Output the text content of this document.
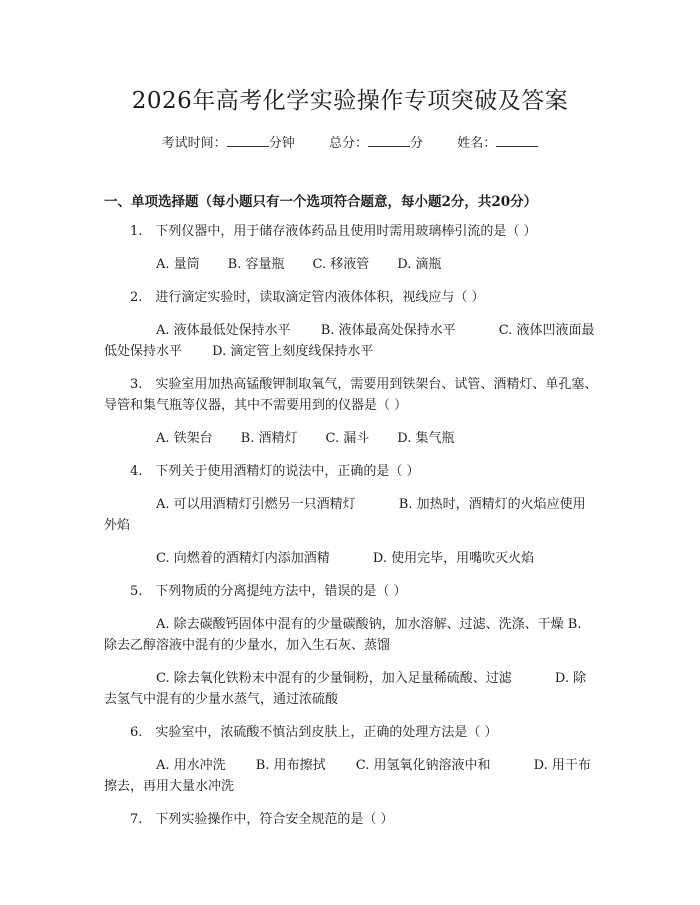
2026年高考化学实验操作专项突破及答案
考试时间：	分钟	总分：	分	姓名：
一、单项选择题（每小题只有一个选项符合题意，每小题2分，共20分）

1.　下列仪器中，用于储存液体药品且使用时需用玻璃棒引流的是（ ）

A. 量筒 B. 容量瓶 C. 移液管 D. 滴瓶

2.　进行滴定实验时，读取滴定管内液体体积，视线应与（ ）

A. 液体最低处保持水平　　 B. 液体最高处保持水平　　　	C. 液体凹液面最低处保持水平　　 D. 滴定管上刻度线保持水平

3.　实验室用加热高锰酸钾制取氧气，需要用到铁架台、试管、酒精灯、单孔塞、导管和集气瓶等仪器，其中不需要用到的仪器是（ ）

A. 铁架台 B. 酒精灯 C. 漏斗 D. 集气瓶

4.　下列关于使用酒精灯的说法中，正确的是（ ）

A. 可以用酒精灯引燃另一只酒精灯　　　	B. 加热时，酒精灯的火焰应使用外焰

C. 向燃着的酒精灯内添加酒精　　　	D. 使用完毕，用嘴吹灭火焰

5.　下列物质的分离提纯方法中，错误的是（ ）

A. 除去碳酸钙固体中混有的少量碳酸钠，加水溶解、过滤、洗涤、干燥 B. 除去乙醇溶液中混有的少量水，加入生石灰、蒸馏

C. 除去氧化铁粉末中混有的少量铜粉，加入足量稀硫酸、过滤　　　	D. 除去氢气中混有的少量水蒸气，通过浓硫酸

6.　实验室中，浓硫酸不慎沾到皮肤上，正确的处理方法是（ ）

A. 用水冲洗　　 B. 用布擦拭　　 C. 用氢氧化钠溶液中和　　　	D. 用干布擦去，再用大量水冲洗

7.　下列实验操作中，符合安全规范的是（ ）
